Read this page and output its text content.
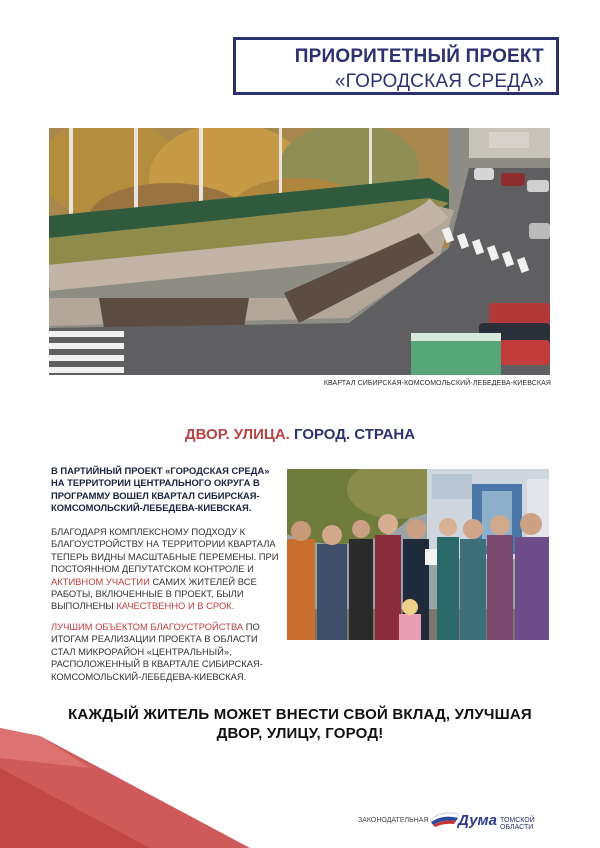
ПРИОРИТЕТНЫЙ ПРОЕКТ
«ГОРОДСКАЯ СРЕДА»
КВАРТАЛ СИБИРСКАЯ-КОМСОМОЛЬСКИЙ-ЛЕБЕДЕВА-КИЕВСКАЯ
ДВОР. УЛИЦА. ГОРОД. СТРАНА
В ПАРТИЙНЫЙ ПРОЕКТ «ГОРОДСКАЯ СРЕДА» НА ТЕРРИТОРИИ ЦЕНТРАЛЬНОГО ОКРУГА В ПРОГРАММУ ВОШЕЛ КВАРТАЛ СИБИРСКАЯ-КОМСОМОЛЬСКИЙ-ЛЕБЕДЕВА-КИЕВСКАЯ.
БЛАГОДАРЯ КОМПЛЕКСНОМУ ПОДХОДУ К БЛАГОУСТРОЙСТВУ НА ТЕРРИТОРИИ КВАРТАЛА ТЕПЕРЬ ВИДНЫ МАСШТАБНЫЕ ПЕРЕМЕНЫ. ПРИ ПОСТОЯННОМ ДЕПУТАТСКОМ КОНТРОЛЕ И АКТИВНОМ УЧАСТИИ САМИХ ЖИТЕЛЕЙ ВСЕ РАБОТЫ, ВКЛЮЧЕННЫЕ В ПРОЕКТ, БЫЛИ ВЫПОЛНЕНЫ КАЧЕСТВЕННО И В СРОК.
ЛУЧШИМ ОБЪЕКТОМ БЛАГОУСТРОЙСТВА ПО ИТОГАМ РЕАЛИЗАЦИИ ПРОЕКТА В ОБЛАСТИ СТАЛ МИКРОРАЙОН «ЦЕНТРАЛЬНЫЙ», РАСПОЛОЖЕННЫЙ В КВАРТАЛЕ СИБИРСКАЯ-КОМСОМОЛЬСКИЙ-ЛЕБЕДЕВА-КИЕВСКАЯ.
КАЖДЫЙ ЖИТЕЛЬ МОЖЕТ ВНЕСТИ СВОЙ ВКЛАД, УЛУЧШАЯ
ДВОР, УЛИЦУ, ГОРОД!
ЗАКОНОДАТЕЛЬНАЯ Дума ТОМСКОЙ ОБЛАСТИ
